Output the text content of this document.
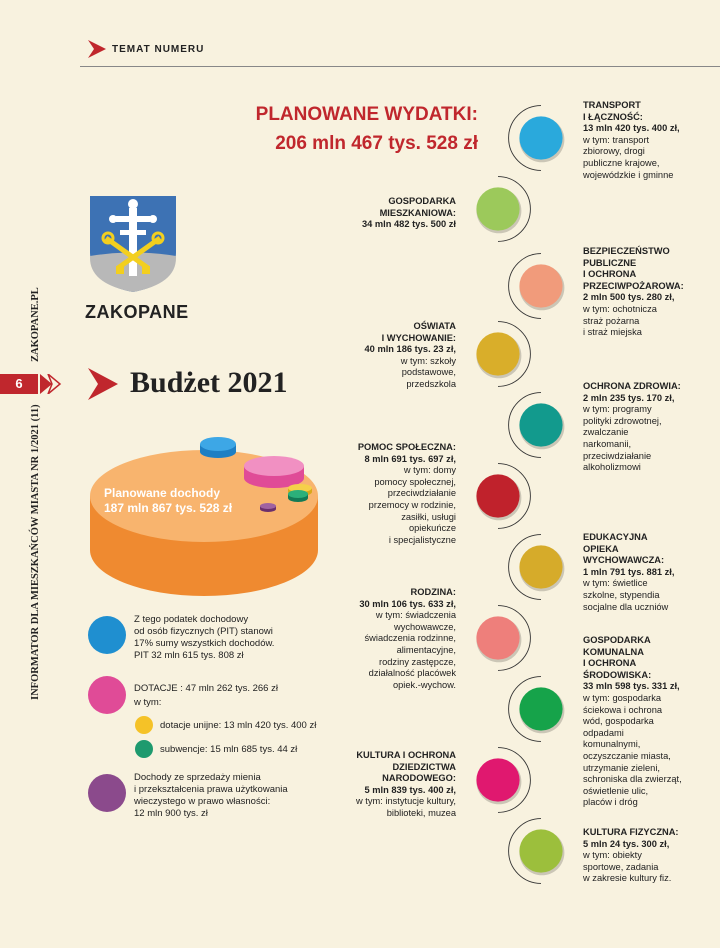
TEMAT NUMERU
INFORMATOR DLA MIESZKAŃCÓW MIASTA NR 1/2021 (11)
ZAKOPANE.PL
6
PLANOWANE WYDATKI:
206 mln 467 tys. 528 zł
ZAKOPANE
Budżet 2021
Planowane dochody
187 mln 867 tys. 528 zł
Z tego podatek dochodowy
od osób fizycznych (PIT) stanowi
17% sumy wszystkich dochodów.
PIT 32 mln 615 tys. 808 zł
DOTACJE : 47 mln 262 tys. 266 zł
w tym:
dotacje unijne: 13 mln 420 tys. 400 zł
subwencje: 15 mln 685 tys. 44 zł
Dochody ze sprzedaży mienia
i przekształcenia prawa użytkowania
wieczystego w prawo własności:
12 mln 900 tys. zł
GOSPODARKA
MIESZKANIOWA:
34 mln 482 tys. 500 zł
OŚWIATA
I WYCHOWANIE:
40 mln 186 tys. 23 zł,
w tym: szkoły
podstawowe,
przedszkola
POMOC SPOŁECZNA:
8 mln 691 tys. 697 zł,
w tym: domy
pomocy społecznej,
przeciwdziałanie
przemocy w rodzinie,
zasiłki, usługi
opiekuńcze
i specjalistyczne
RODZINA:
30 mln 106 tys. 633 zł,
w tym: świadczenia
wychowawcze,
świadczenia rodzinne,
alimentacyjne,
rodziny zastępcze,
działalność placówek
opiek.-wychow.
KULTURA I OCHRONA
DZIEDZICTWA
NARODOWEGO:
5 mln 839 tys. 400 zł,
w tym: instytucje kultury,
biblioteki, muzea
TRANSPORT
I ŁĄCZNOŚĆ:
13 mln 420 tys. 400 zł,
w tym: transport
zbiorowy, drogi
publiczne krajowe,
wojewódzkie i gminne
BEZPIECZEŃSTWO
PUBLICZNE
I OCHRONA
PRZECIWPOŻAROWA:
2 mln 500 tys. 280 zł,
w tym: ochotnicza
straż pożarna
i straż miejska
OCHRONA ZDROWIA:
2 mln 235 tys. 170 zł,
w tym: programy
polityki zdrowotnej,
zwalczanie
narkomanii,
przeciwdziałanie
alkoholizmowi
EDUKACYJNA
OPIEKA
WYCHOWAWCZA:
1 mln 791 tys. 881 zł,
w tym: świetlice
szkolne, stypendia
socjalne dla uczniów
GOSPODARKA
KOMUNALNA
I OCHRONA
ŚRODOWISKA:
33 mln 598 tys. 331 zł,
w tym: gospodarka
ściekowa i ochrona
wód, gospodarka
odpadami
komunalnymi,
oczyszczanie miasta,
utrzymanie zieleni,
schroniska dla zwierząt,
oświetlenie ulic,
placów i dróg
KULTURA FIZYCZNA:
5 mln 24 tys. 300 zł,
w tym: obiekty
sportowe, zadania
w zakresie kultury fiz.
